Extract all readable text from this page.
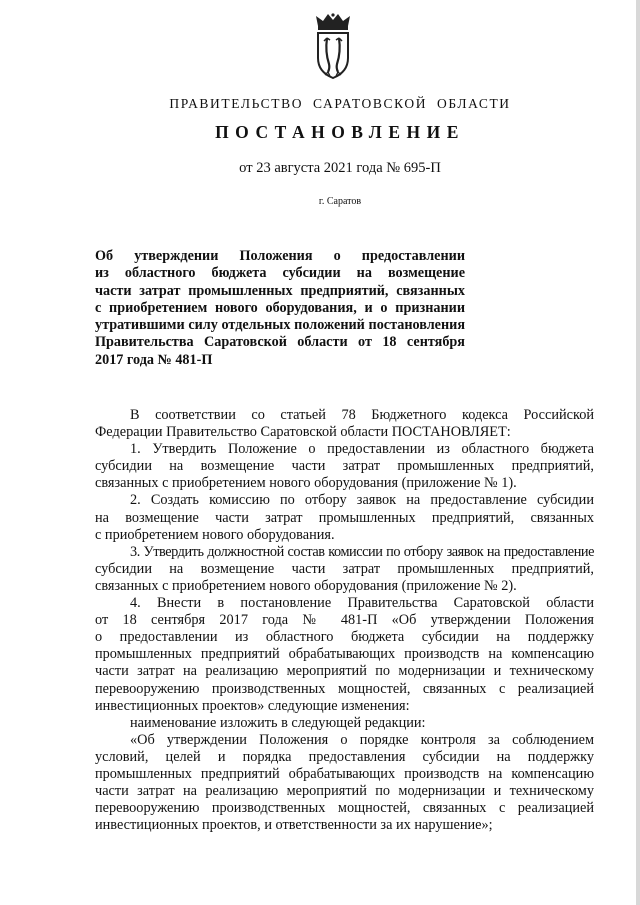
ПРАВИТЕЛЬСТВО САРАТОВСКОЙ ОБЛАСТИ
ПОСТАНОВЛЕНИЕ
от 23 августа 2021 года № 695-П
г. Саратов
Об утверждении Положения о предоставлении
из областного бюджета субсидии на возмещение
части затрат промышленных предприятий, связанных
с приобретением нового оборудования, и о признании
утратившими силу отдельных положений постановления
Правительства Саратовской области от 18 сентября
2017 года № 481-П
В соответствии со статьей 78 Бюджетного кодекса Российской
Федерации Правительство Саратовской области ПОСТАНОВЛЯЕТ:
1. Утвердить Положение о предоставлении из областного бюджета
субсидии на возмещение части затрат промышленных предприятий,
связанных с приобретением нового оборудования (приложение № 1).
2. Создать комиссию по отбору заявок на предоставление субсидии
на возмещение части затрат промышленных предприятий, связанных
с приобретением нового оборудования.
3. Утвердить должностной состав комиссии по отбору заявок на предоставление
субсидии на возмещение части затрат промышленных предприятий,
связанных с приобретением нового оборудования (приложение № 2).
4. Внести в постановление Правительства Саратовской области
от 18 сентября 2017 года № 481-П «Об утверждении Положения
о предоставлении из областного бюджета субсидии на поддержку
промышленных предприятий обрабатывающих производств на компенсацию
части затрат на реализацию мероприятий по модернизации и техническому
перевооружению производственных мощностей, связанных с реализацией
инвестиционных проектов» следующие изменения:
наименование изложить в следующей редакции:
«Об утверждении Положения о порядке контроля за соблюдением
условий, целей и порядка предоставления субсидии на поддержку
промышленных предприятий обрабатывающих производств на компенсацию
части затрат на реализацию мероприятий по модернизации и техническому
перевооружению производственных мощностей, связанных с реализацией
инвестиционных проектов, и ответственности за их нарушение»;
